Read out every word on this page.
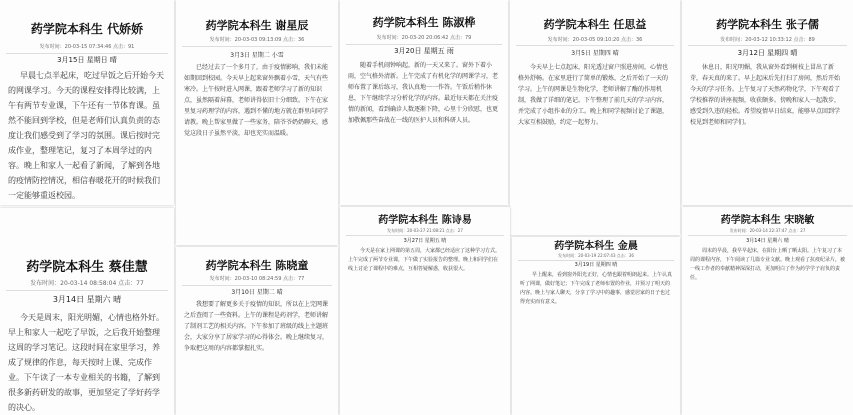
药学院本科生 代娇娇
发布时间：20-03-15 07:34:46 点击：91
3月15日 星期日 晴
早晨七点半起床，吃过早饭之后开始今天的网课学习。今天的课程安排得比较满，上午有两节专业课，下午还有一节体育课。虽然不能回到学校，但是老师们认真负责的态度让我们感受到了学习的氛围。课后按时完成作业，整理笔记，复习了本周学过的内容。晚上和家人一起看了新闻，了解到各地的疫情防控情况，相信春暖花开的时候我们一定能够重返校园。
药学院本科生 谢星辰
发布时间：20-03-03 09:13:09 点击：36
3月3日 星期二 小雪
已经过去了一个多月了，由于疫情影响，我们未能如期回到校园。今天早上起来窗外飘着小雪，天气有些寒冷。上午按时进入网课，跟着老师学习了新的知识点，虽然隔着屏幕，老师讲得依旧十分细致。下午在家里复习药理学的内容，遇到不懂的地方就在群里向同学请教。晚上帮家里做了一些家务，陪爷爷奶奶聊天，感觉这段日子虽然平淡，却也充实而温暖。
药学院本科生 陈淑桦
发布时间：20-03-20 20:06:42 点击：79
3月20日 星期五 雨
随着手机闹钟响起，新的一天又来了。窗外下着小雨，空气格外清新。上午完成了有机化学的网课学习，老师布置了课后练习，我认真地一一作答。午饭后稍作休息，下午继续学习分析化学的内容。最近每天都在关注疫情的新闻，看到确诊人数逐渐下降，心里十分欣慰，也更加敬佩那些奋战在一线的医护人员和科研人员。
药学院本科生 任思益
发布时间：20-03-05 09:10:20 点击：36
3月5日 星期四 晴
今天早上七点起床，阳光透过窗户照进房间，心情也格外舒畅。在家里进行了简单的锻炼，之后开始了一天的学习。上午的网课是生物化学，老师讲解了酶的作用机制，我做了详细的笔记。下午整理了前几天的学习内容，并完成了小组作业的分工。晚上和同学视频讨论了课题，大家互相鼓励，约定一起努力。
药学院本科生 张子儒
发布时间：20-03-12 10:33:12 点击：89
3月12日 星期四 晴
休息日，阳光明媚，我从窗外看到树枝上冒出了新芽，春天真的来了。早上起床后先打扫了房间，然后开始今天的学习任务。上午复习了天然药物化学，下午观看了学校推荐的讲座视频，收获颇多。傍晚和家人一起散步，感受到久违的轻松。希望疫情早日结束，能够早点回到学校见到老师和同学们。
药学院本科生 蔡佳慧
发布时间：20-03-14 08:58:04 点击：77
3月14日 星期六 晴
今天是周末，阳光明媚，心情也格外好。早上和家人一起吃了早饭，之后我开始整理这周的学习笔记。这段时间在家里学习，养成了规律的作息，每天按时上课、完成作业。下午读了一本专业相关的书籍，了解到很多新药研发的故事，更加坚定了学好药学的决心。
药学院本科生 陈晓童
发布时间：20-03-10 08:24:59 点击：77
3月10日 星期二 晴
我想要了解更多关于疫情的知识，所以在上完网课之后查阅了一些资料。上午的课程是药剂学，老师讲解了制剂工艺的相关内容。下午参加了班级的线上主题班会，大家分享了居家学习的心得体会。晚上继续复习，争取把这周的内容都掌握扎实。
药学院本科生 陈诗易
发布时间：20-03-27 21:08:21 点击：27
3月27日 星期五 晴
今天是在家上网课的第五周，大家都已经适应了这种学习方式。上午完成了两节专业课，下午做了实验报告的整理。晚上和同学们在线上讨论了课程中的难点，互相答疑解惑，收获很大。
药学院本科生 金晨
发布时间：20-03-19 22:07:43 点击：36
3月19日 星期四 晴
早上醒来，看到窗外阳光正好，心情也跟着明朗起来。上午认真听了网课，做好笔记；下午完成了老师布置的作业，并预习了明天的内容。晚上与家人聊天，分享了学习中的趣事，感觉居家的日子也过得充实而有意义。
药学院本科生 宋晓敏
发布时间：20-03-14 22:37:47 点击：27
3月14日 星期六 晴
周末的早晨，我早早起床，在阳台上晒了晒太阳。上午复习了本周的课程内容，下午阅读了几篇专业文献。晚上观看了抗疫纪录片，被一线工作者的奉献精神深深打动，更加明白了作为药学学子肩负的责任。
